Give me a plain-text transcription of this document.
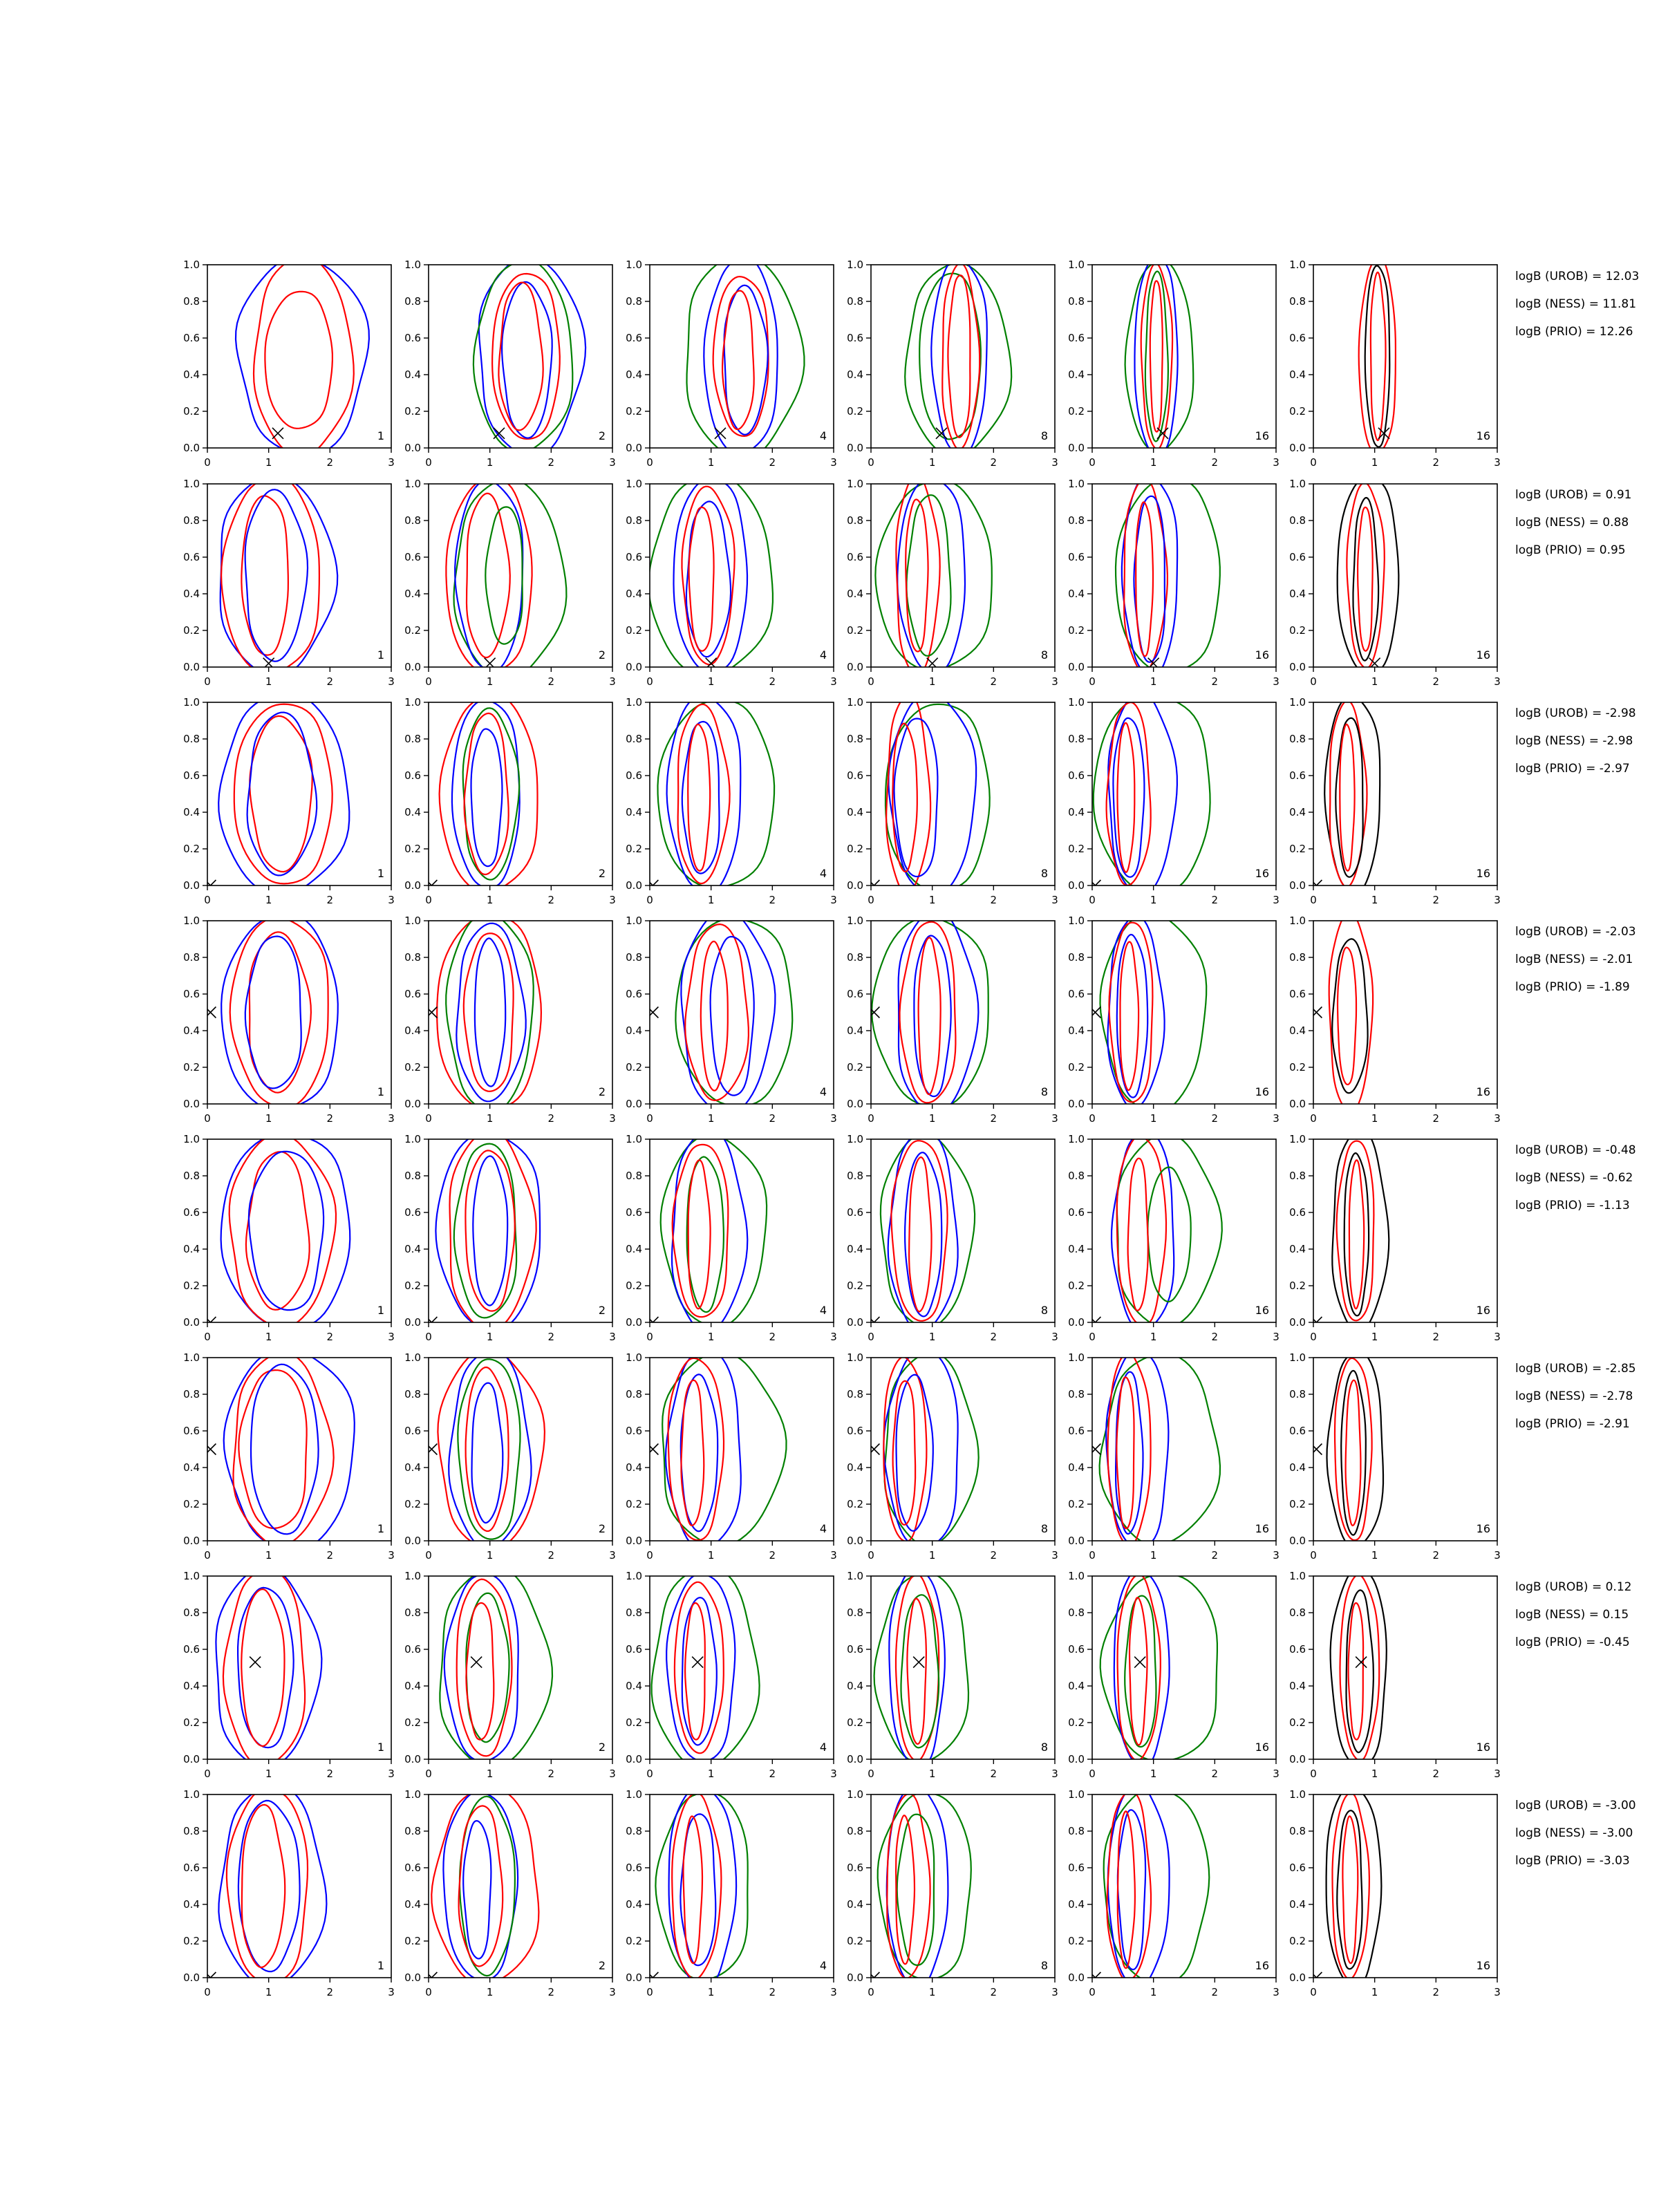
0	1	2	3
0.0
0.2
0.4
0.6
0.8
1.0
1
0	1	2	3
0.0
0.2
0.4
0.6
0.8
1.0
2
0	1	2	3
0.0
0.2
0.4
0.6
0.8
1.0
4
0	1	2	3
0.0
0.2
0.4
0.6
0.8
1.0
8
0	1	2	3
0.0
0.2
0.4
0.6
0.8
1.0
16
0	1	2	3
0.0
0.2
0.4
0.6
0.8
1.0
16
logB (UROB) = 12.03
logB (NESS) = 11.81
logB (PRIO) = 12.26
0	1	2	3
0.0
0.2
0.4
0.6
0.8
1.0
1
0	1	2	3
0.0
0.2
0.4
0.6
0.8
1.0
2
0	1	2	3
0.0
0.2
0.4
0.6
0.8
1.0
4
0	1	2	3
0.0
0.2
0.4
0.6
0.8
1.0
8
0	1	2	3
0.0
0.2
0.4
0.6
0.8
1.0
16
0	1	2	3
0.0
0.2
0.4
0.6
0.8
1.0
16
logB (UROB) = 0.91
logB (NESS) = 0.88
logB (PRIO) = 0.95
0	1	2	3
0.0
0.2
0.4
0.6
0.8
1.0
1
0	1	2	3
0.0
0.2
0.4
0.6
0.8
1.0
2
0	1	2	3
0.0
0.2
0.4
0.6
0.8
1.0
4
0	1	2	3
0.0
0.2
0.4
0.6
0.8
1.0
8
0	1	2	3
0.0
0.2
0.4
0.6
0.8
1.0
16
0	1	2	3
0.0
0.2
0.4
0.6
0.8
1.0
16
logB (UROB) = -2.98
logB (NESS) = -2.98
logB (PRIO) = -2.97
0	1	2	3
0.0
0.2
0.4
0.6
0.8
1.0
1
0	1	2	3
0.0
0.2
0.4
0.6
0.8
1.0
2
0	1	2	3
0.0
0.2
0.4
0.6
0.8
1.0
4
0	1	2	3
0.0
0.2
0.4
0.6
0.8
1.0
8
0	1	2	3
0.0
0.2
0.4
0.6
0.8
1.0
16
0	1	2	3
0.0
0.2
0.4
0.6
0.8
1.0
16
logB (UROB) = -2.03
logB (NESS) = -2.01
logB (PRIO) = -1.89
0	1	2	3
0.0
0.2
0.4
0.6
0.8
1.0
1
0	1	2	3
0.0
0.2
0.4
0.6
0.8
1.0
2
0	1	2	3
0.0
0.2
0.4
0.6
0.8
1.0
4
0	1	2	3
0.0
0.2
0.4
0.6
0.8
1.0
8
0	1	2	3
0.0
0.2
0.4
0.6
0.8
1.0
16
0	1	2	3
0.0
0.2
0.4
0.6
0.8
1.0
16
logB (UROB) = -0.48
logB (NESS) = -0.62
logB (PRIO) = -1.13
0	1	2	3
0.0
0.2
0.4
0.6
0.8
1.0
1
0	1	2	3
0.0
0.2
0.4
0.6
0.8
1.0
2
0	1	2	3
0.0
0.2
0.4
0.6
0.8
1.0
4
0	1	2	3
0.0
0.2
0.4
0.6
0.8
1.0
8
0	1	2	3
0.0
0.2
0.4
0.6
0.8
1.0
16
0	1	2	3
0.0
0.2
0.4
0.6
0.8
1.0
16
logB (UROB) = -2.85
logB (NESS) = -2.78
logB (PRIO) = -2.91
0	1	2	3
0.0
0.2
0.4
0.6
0.8
1.0
1
0	1	2	3
0.0
0.2
0.4
0.6
0.8
1.0
2
0	1	2	3
0.0
0.2
0.4
0.6
0.8
1.0
4
0	1	2	3
0.0
0.2
0.4
0.6
0.8
1.0
8
0	1	2	3
0.0
0.2
0.4
0.6
0.8
1.0
16
0	1	2	3
0.0
0.2
0.4
0.6
0.8
1.0
16
logB (UROB) = 0.12
logB (NESS) = 0.15
logB (PRIO) = -0.45
0	1	2	3
0.0
0.2
0.4
0.6
0.8
1.0
1
0	1	2	3
0.0
0.2
0.4
0.6
0.8
1.0
2
0	1	2	3
0.0
0.2
0.4
0.6
0.8
1.0
4
0	1	2	3
0.0
0.2
0.4
0.6
0.8
1.0
8
0	1	2	3
0.0
0.2
0.4
0.6
0.8
1.0
16
0	1	2	3
0.0
0.2
0.4
0.6
0.8
1.0
16
logB (UROB) = -3.00
logB (NESS) = -3.00
logB (PRIO) = -3.03
